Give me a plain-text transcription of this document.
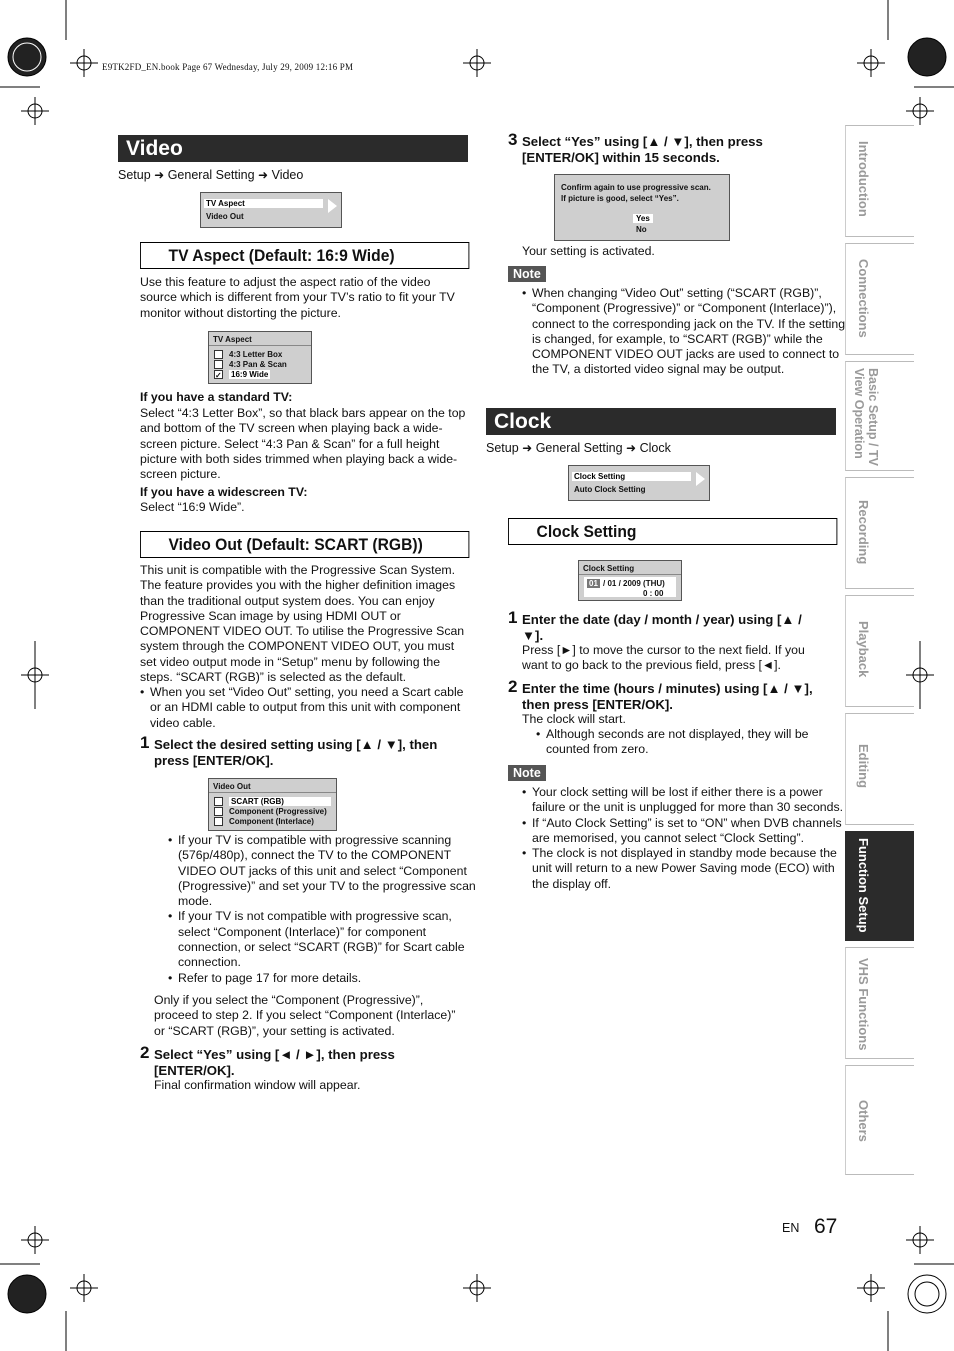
E9TK2FD_EN.book Page 67 Wednesday, July 29, 2009 12:16 PM
Video
Setup ➜ General Setting ➜ Video
TV Aspect
Video Out
TV Aspect (Default: 16:9 Wide)
Use this feature to adjust the aspect ratio of the video source which is different from your TV’s ratio to fit your TV monitor without distorting the picture.
TV Aspect
4:3 Letter Box
4:3 Pan & Scan
✓ 16:9 Wide
If you have a standard TV:
Select “4:3 Letter Box”, so that black bars appear on the top and bottom of the TV screen when playing back a wide-screen picture. Select “4:3 Pan & Scan” for a full height picture with both sides trimmed when playing back a wide-screen picture.
If you have a widescreen TV:
Select “16:9 Wide”.
Video Out (Default: SCART (RGB))
This unit is compatible with the Progressive Scan System. The feature provides you with the higher definition images than the traditional output system does. You can enjoy Progressive Scan image by using HDMI OUT or COMPONENT VIDEO OUT. To utilise the Progressive Scan system through the COMPONENT VIDEO OUT, you must set video output mode in “Setup” menu by following the steps. “SCART (RGB)” is selected as the default.
• When you set “Video Out” setting, you need a Scart cable or an HDMI cable to output from this unit with component video cable.
1 Select the desired setting using [▲ / ▼], then press [ENTER/OK].
Video Out
SCART (RGB)
Component (Progressive)
Component (Interlace)
• If your TV is compatible with progressive scanning (576p/480p), connect the TV to the COMPONENT VIDEO OUT jacks of this unit and select “Component (Progressive)” and set your TV to the progressive scan mode.
• If your TV is not compatible with progressive scan, select “Component (Interlace)” for component connection, or select “SCART (RGB)” for Scart cable connection.
• Refer to page 17 for more details.
Only if you select the “Component (Progressive)”, proceed to step 2. If you select “Component (Interlace)” or “SCART (RGB)”, your setting is activated.
2 Select “Yes” using [◄ / ►], then press [ENTER/OK].
Final confirmation window will appear.
3 Select “Yes” using [▲ / ▼], then press [ENTER/OK] within 15 seconds.
Confirm again to use progressive scan.
If picture is good, select “Yes”.
Yes
No
Your setting is activated.
Note
• When changing “Video Out” setting (“SCART (RGB)”, “Component (Progressive)” or “Component (Interlace)”), connect to the corresponding jack on the TV. If the setting is changed, for example, to “SCART (RGB)” while the COMPONENT VIDEO OUT jacks are used to connect to the TV, a distorted video signal may be output.
Clock
Setup ➜ General Setting ➜ Clock
Clock Setting
Auto Clock Setting
Clock Setting
Clock Setting
01 / 01 / 2009 (THU)
0 : 00
1 Enter the date (day / month / year) using [▲ / ▼].
Press [►] to move the cursor to the next field. If you want to go back to the previous field, press [◄].
2 Enter the time (hours / minutes) using [▲ / ▼], then press [ENTER/OK].
The clock will start.
• Although seconds are not displayed, they will be counted from zero.
Note
• Your clock setting will be lost if either there is a power failure or the unit is unplugged for more than 30 seconds.
• If “Auto Clock Setting” is set to “ON” when DVB channels are memorised, you cannot select “Clock Setting”.
• The clock is not displayed in standby mode because the unit will return to a new Power Saving mode (ECO) with the display off.
Introduction
Connections
Basic Setup / TV View Operation
Recording
Playback
Editing
Function Setup
VHS Functions
Others
EN 67
